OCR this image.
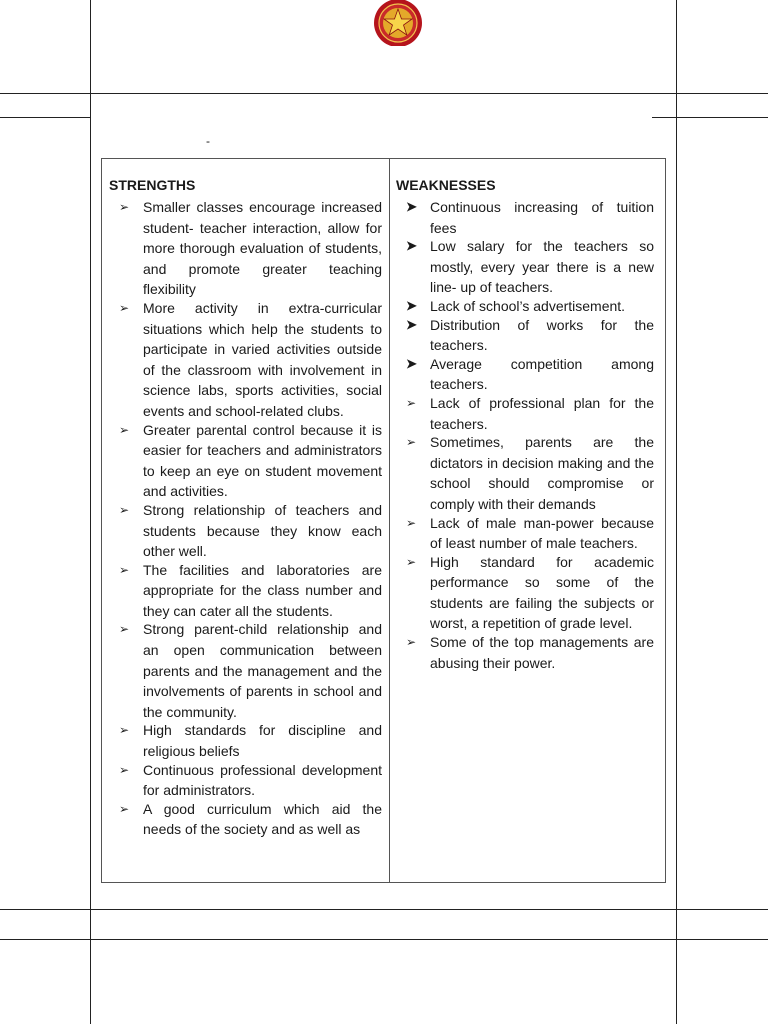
-
STRENGTHS
➢ Smaller classes encourage increased student- teacher interaction, allow for more thorough evaluation of students, and promote greater teaching flexibility
➢ More activity in extra-curricular situations which help the students to participate in varied activities outside of the classroom with involvement in science labs, sports activities, social events and school-related clubs.
➢ Greater parental control because it is easier for teachers and administrators to keep an eye on student movement and activities.
➢ Strong relationship of teachers and students because they know each other well.
➢ The facilities and laboratories are appropriate for the class number and they can cater all the students.
➢ Strong parent-child relationship and an open communication between parents and the management and the involvements of parents in school and the community.
➢ High standards for discipline and religious beliefs
➢ Continuous professional development for administrators.
➢ A good curriculum which aid the needs of the society and as well as
WEAKNESSES
➤ Continuous increasing of tuition fees
➤ Low salary for the teachers so mostly, every year there is a new line- up of teachers.
➤ Lack of school’s advertisement.
➤ Distribution of works for the teachers.
➤ Average competition among teachers.
➢ Lack of professional plan for the teachers.
➢ Sometimes, parents are the dictators in decision making and the school should compromise or comply with their demands
➢ Lack of male man-power because of least number of male teachers.
➢ High standard for academic performance so some of the students are failing the subjects or worst, a repetition of grade level.
➢ Some of the top managements are abusing their power.
